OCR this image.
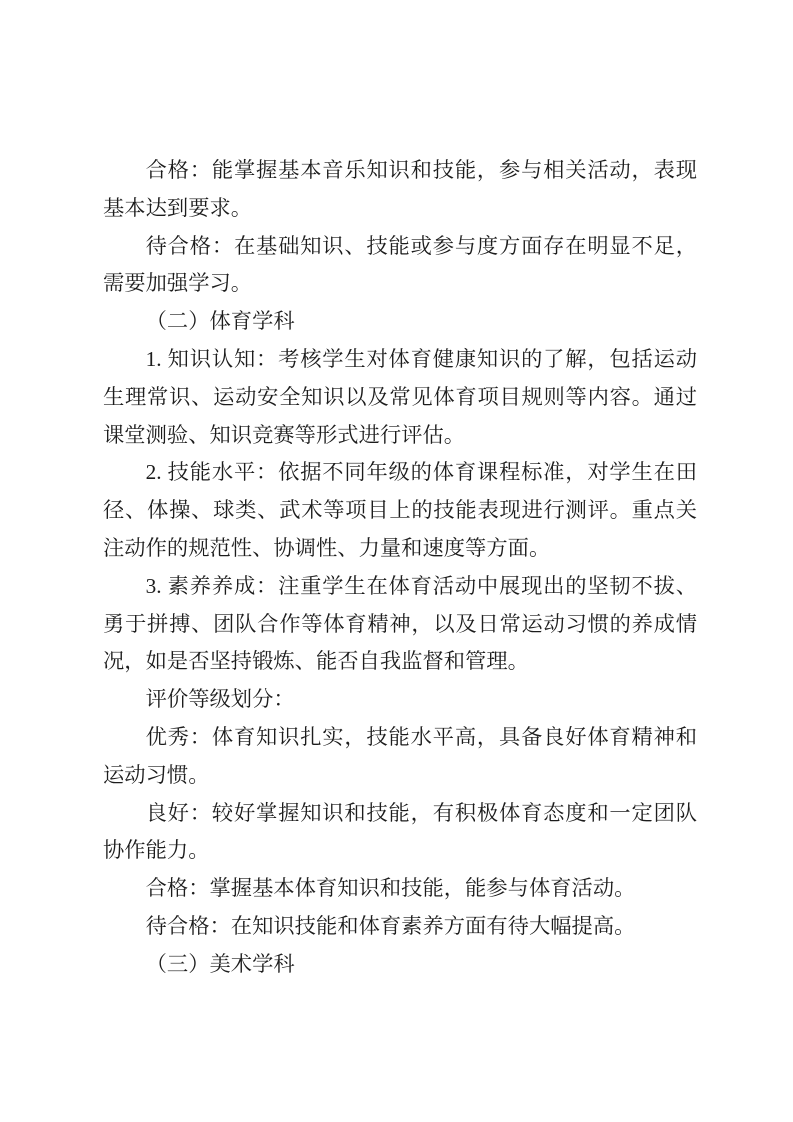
合格：能掌握基本音乐知识和技能，参与相关活动，表现
基本达到要求。

待合格：在基础知识、技能或参与度方面存在明显不足，
需要加强学习。

（二）体育学科

1. 知识认知：考核学生对体育健康知识的了解，包括运动
生理常识、运动安全知识以及常见体育项目规则等内容。通过
课堂测验、知识竞赛等形式进行评估。

2. 技能水平：依据不同年级的体育课程标准，对学生在田
径、体操、球类、武术等项目上的技能表现进行测评。重点关
注动作的规范性、协调性、力量和速度等方面。

3. 素养养成：注重学生在体育活动中展现出的坚韧不拔、
勇于拼搏、团队合作等体育精神，以及日常运动习惯的养成情
况，如是否坚持锻炼、能否自我监督和管理。

评价等级划分：

优秀：体育知识扎实，技能水平高，具备良好体育精神和
运动习惯。

良好：较好掌握知识和技能，有积极体育态度和一定团队
协作能力。

合格：掌握基本体育知识和技能，能参与体育活动。

待合格：在知识技能和体育素养方面有待大幅提高。

（三）美术学科
